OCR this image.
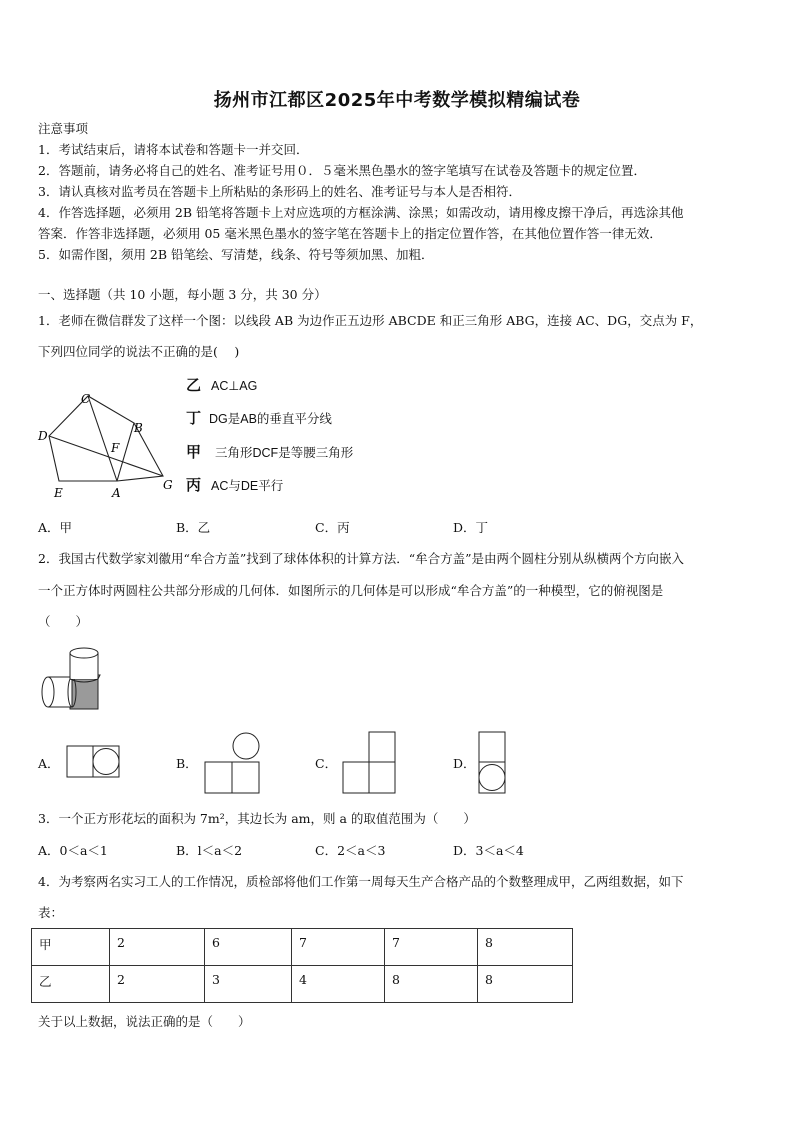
扬州市江都区2025年中考数学模拟精编试卷
注意事项
1．考试结束后，请将本试卷和答题卡一并交回．
2．答题前，请务必将自己的姓名、准考证号用０．５毫米黑色墨水的签字笔填写在试卷及答题卡的规定位置．
3．请认真核对监考员在答题卡上所粘贴的条形码上的姓名、准考证号与本人是否相符．
4．作答选择题，必须用 2B 铅笔将答题卡上对应选项的方框涂满、涂黑；如需改动，请用橡皮擦干净后，再选涂其他
答案．作答非选择题，必须用 05 毫米黑色墨水的签字笔在答题卡上的指定位置作答，在其他位置作答一律无效．
5．如需作图，须用 2B 铅笔绘、写清楚，线条、符号等须加黑、加粗．
一、选择题（共 10 小题，每小题 3 分，共 30 分）
1．老师在微信群发了这样一个图：以线段 AB 为边作正五边形 ABCDE 和正三角形 ABG，连接 AC、DG，交点为 F，
下列四位同学的说法不正确的是(　 )
C
B
D
F
E	A
G
乙 AC⊥AG
丁 DG是AB的垂直平分线
甲 三角形DCF是等腰三角形
丙 AC与DE平行
A．甲	B．乙	C．丙	D．丁
2．我国古代数学家刘徽用“牟合方盖”找到了球体体积的计算方法．“牟合方盖”是由两个圆柱分别从纵横两个方向嵌入
一个正方体时两圆柱公共部分形成的几何体．如图所示的几何体是可以形成“牟合方盖”的一种模型，它的俯视图是
（　　）
A．	B．	C．	D．
3．一个正方形花坛的面积为 7m²，其边长为 am，则 a 的取值范围为（　　）
A．0＜a＜1	B．l＜a＜2	C．2＜a＜3	D．3＜a＜4
4．为考察两名实习工人的工作情况，质检部将他们工作第一周每天生产合格产品的个数整理成甲，乙两组数据，如下
表：
甲	2	6	7	7	8
乙	2	3	4	8	8
关于以上数据，说法正确的是（　　）
